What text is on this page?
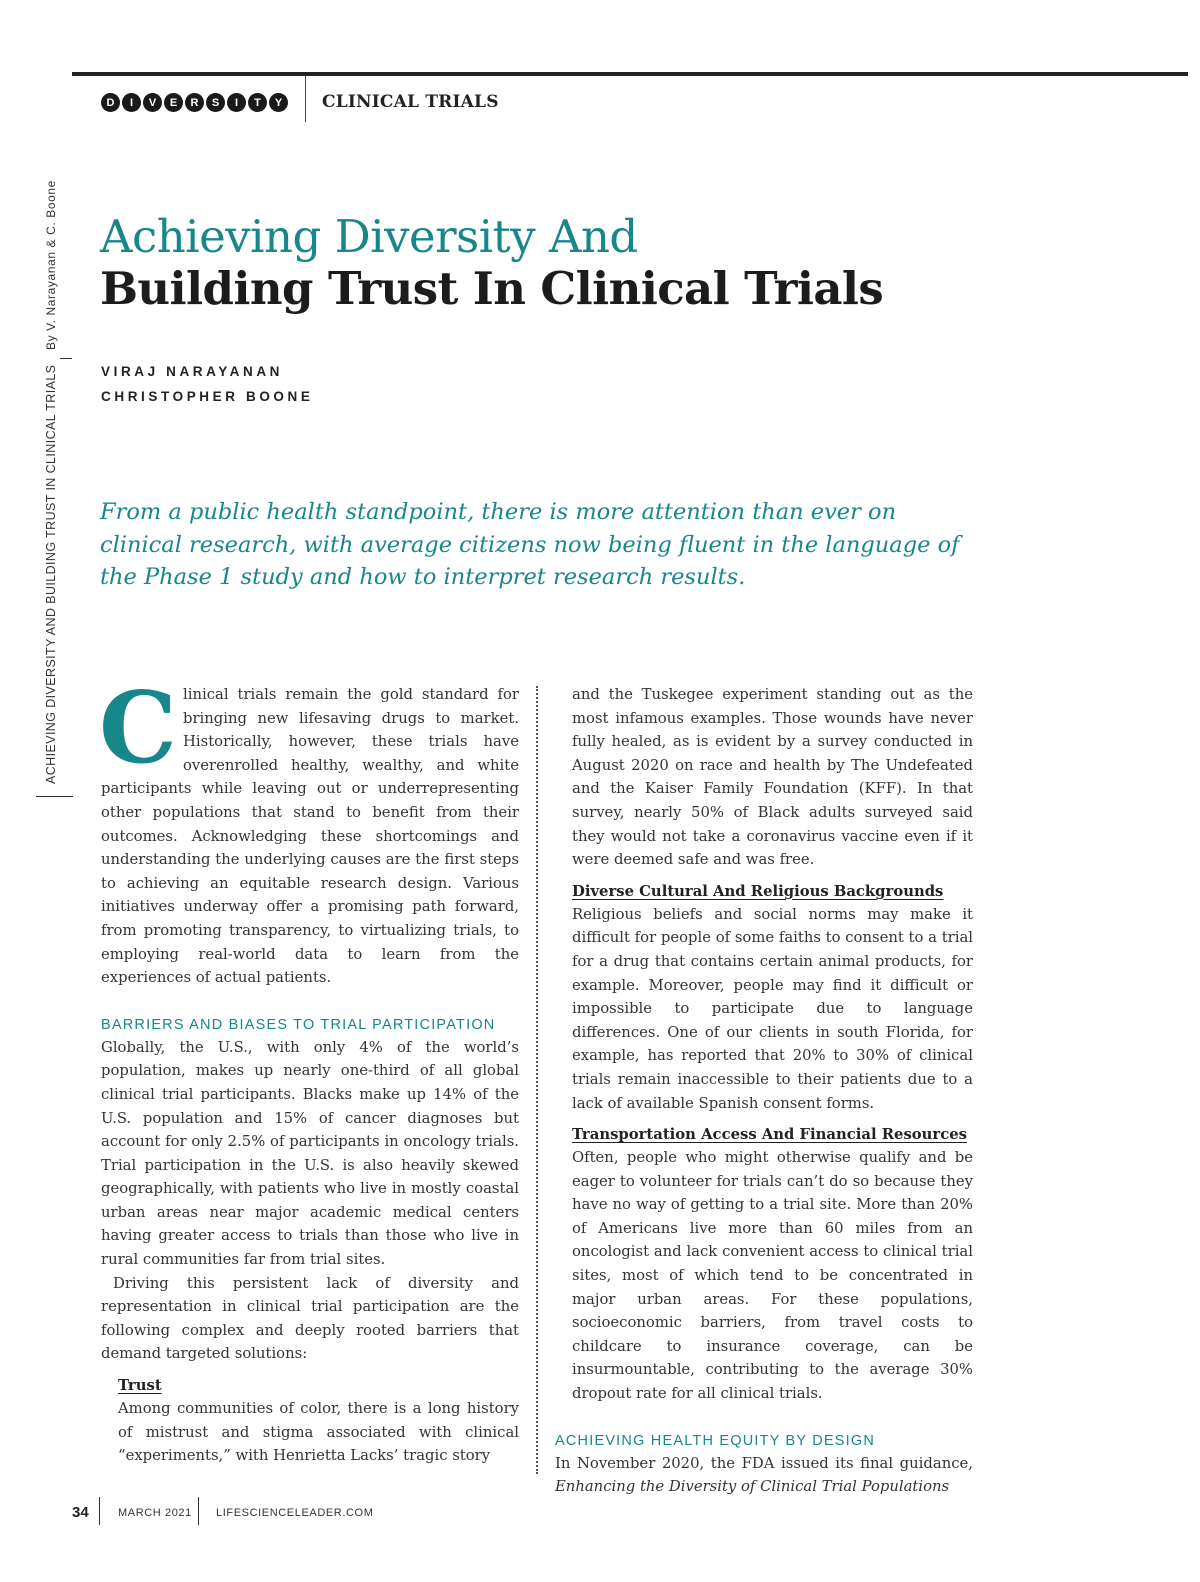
D	I	V	E	R	S	I	T	Y	CLINICAL TRIALS
By V. Narayanan & C. Boone
ACHIEVING DIVERSITY AND BUILDING TRUST IN CLINICAL TRIALS
Achieving Diversity And
Building Trust In Clinical Trials
VIRAJ NARAYANAN
CHRISTOPHER BOONE
From a public health standpoint, there is more attention than ever on clinical research, with average citizens now being fluent in the language of the Phase 1 study and how to interpret research results.
C linical trials remain the gold standard for bringing new lifesaving drugs to market. Historically, however, these trials have overenrolled healthy, wealthy, and white participants while leaving out or underrepresenting other populations that stand to benefit from their outcomes. Acknowledging these shortcomings and understanding the underlying causes are the first steps to achieving an equitable research design. Various initiatives underway offer a promising path forward, from promoting transparency, to virtualizing trials, to employing real-world data to learn from the experiences of actual patients.

BARRIERS AND BIASES TO TRIAL PARTICIPATION

Globally, the U.S., with only 4% of the world’s population, makes up nearly one-third of all global clinical trial participants. Blacks make up 14% of the U.S. population and 15% of cancer diagnoses but account for only 2.5% of participants in oncology trials. Trial participation in the U.S. is also heavily skewed geographically, with patients who live in mostly coastal urban areas near major academic medical centers having greater access to trials than those who live in rural communities far from trial sites.

Driving this persistent lack of diversity and representation in clinical trial participation are the following complex and deeply rooted barriers that demand targeted solutions:

Trust

Among communities of color, there is a long history of mistrust and stigma associated with clinical “experiments,” with Henrietta Lacks’ tragic story

and the Tuskegee experiment standing out as the most infamous examples. Those wounds have never fully healed, as is evident by a survey conducted in August 2020 on race and health by The Undefeated and the Kaiser Family Foundation (KFF). In that survey, nearly 50% of Black adults surveyed said they would not take a coronavirus vaccine even if it were deemed safe and was free.

Diverse Cultural And Religious Backgrounds

Religious beliefs and social norms may make it difficult for people of some faiths to consent to a trial for a drug that contains certain animal products, for example. Moreover, people may find it difficult or impossible to participate due to language differences. One of our clients in south Florida, for example, has reported that 20% to 30% of clinical trials remain inaccessible to their patients due to a lack of available Spanish consent forms.

Transportation Access And Financial Resources

Often, people who might otherwise qualify and be eager to volunteer for trials can’t do so because they have no way of getting to a trial site. More than 20% of Americans live more than 60 miles from an oncologist and lack convenient access to clinical trial sites, most of which tend to be concentrated in major urban areas. For these populations, socioeconomic barriers, from travel costs to childcare to insurance coverage, can be insurmountable, contributing to the average 30% dropout rate for all clinical trials.

ACHIEVING HEALTH EQUITY BY DESIGN

In November 2020, the FDA issued its final guidance, Enhancing the Diversity of Clinical Trial Populations

34	MARCH 2021 LIFESCIENCELEADER.COM
